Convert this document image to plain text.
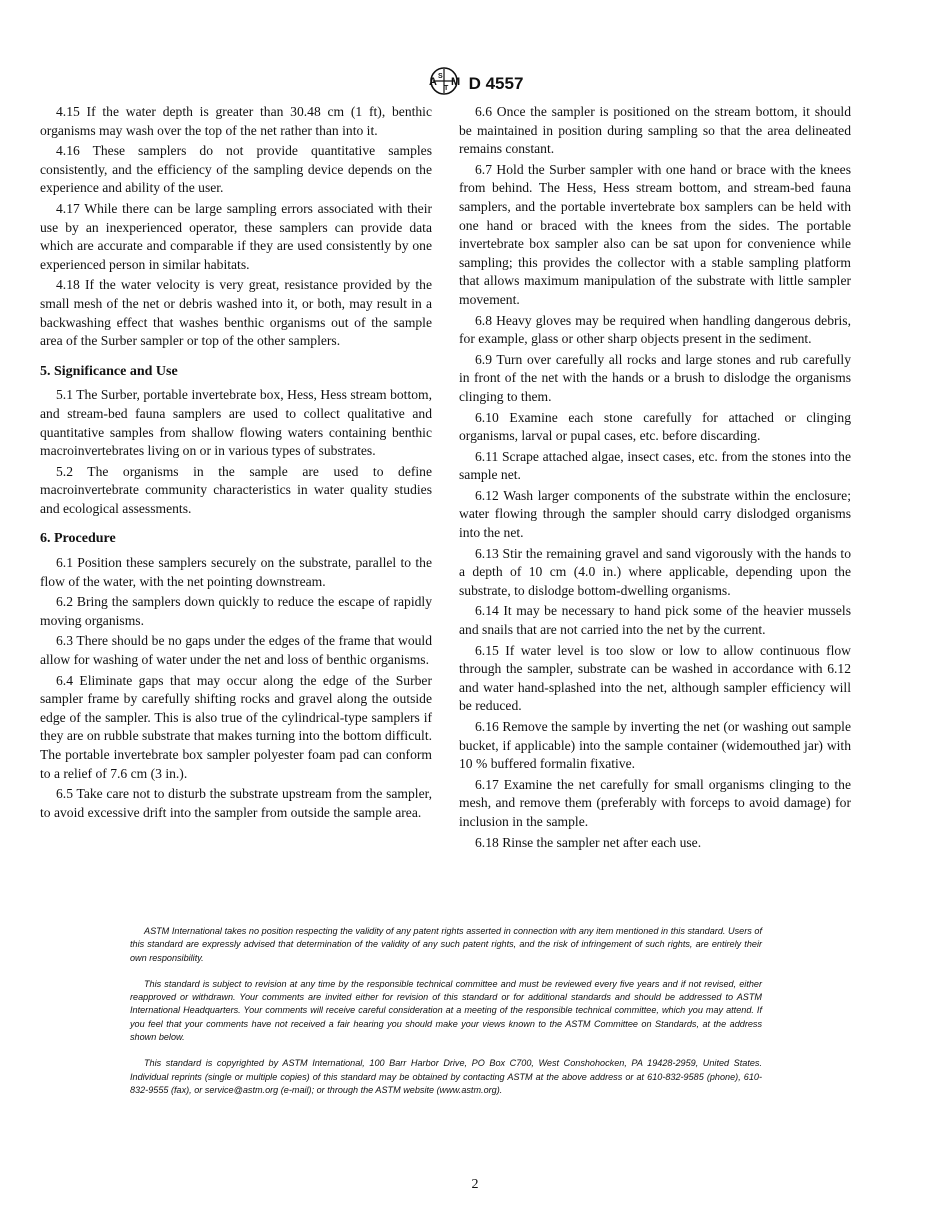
A S
T
M D 4557

4.15 If the water depth is greater than 30.48 cm (1 ft), benthic organisms may wash over the top of the net rather than into it.

4.16 These samplers do not provide quantitative samples consistently, and the efficiency of the sampling device depends on the experience and ability of the user.

4.17 While there can be large sampling errors associated with their use by an inexperienced operator, these samplers can provide data which are accurate and comparable if they are used consistently by one experienced person in similar habitats.

4.18 If the water velocity is very great, resistance provided by the small mesh of the net or debris washed into it, or both, may result in a backwashing effect that washes benthic organisms out of the sample area of the Surber sampler or top of the other samplers.

5. Significance and Use

5.1 The Surber, portable invertebrate box, Hess, Hess stream bottom, and stream-bed fauna samplers are used to collect qualitative and quantitative samples from shallow flowing waters containing benthic macroinvertebrates living on or in various types of substrates.

5.2 The organisms in the sample are used to define macroinvertebrate community characteristics in water quality studies and ecological assessments.

6. Procedure

6.1 Position these samplers securely on the substrate, parallel to the flow of the water, with the net pointing downstream.

6.2 Bring the samplers down quickly to reduce the escape of rapidly moving organisms.

6.3 There should be no gaps under the edges of the frame that would allow for washing of water under the net and loss of benthic organisms.

6.4 Eliminate gaps that may occur along the edge of the Surber sampler frame by carefully shifting rocks and gravel along the outside edge of the sampler. This is also true of the cylindrical-type samplers if they are on rubble substrate that makes turning into the bottom difficult. The portable invertebrate box sampler polyester foam pad can conform to a relief of 7.6 cm (3 in.).

6.5 Take care not to disturb the substrate upstream from the sampler, to avoid excessive drift into the sampler from outside the sample area.

6.6 Once the sampler is positioned on the stream bottom, it should be maintained in position during sampling so that the area delineated remains constant.

6.7 Hold the Surber sampler with one hand or brace with the knees from behind. The Hess, Hess stream bottom, and stream-bed fauna samplers, and the portable invertebrate box samplers can be held with one hand or braced with the knees from the sides. The portable invertebrate box sampler also can be sat upon for convenience while sampling; this provides the collector with a stable sampling platform that allows maximum manipulation of the substrate with little sampler movement.

6.8 Heavy gloves may be required when handling dangerous debris, for example, glass or other sharp objects present in the sediment.

6.9 Turn over carefully all rocks and large stones and rub carefully in front of the net with the hands or a brush to dislodge the organisms clinging to them.

6.10 Examine each stone carefully for attached or clinging organisms, larval or pupal cases, etc. before discarding.

6.11 Scrape attached algae, insect cases, etc. from the stones into the sample net.

6.12 Wash larger components of the substrate within the enclosure; water flowing through the sampler should carry dislodged organisms into the net.

6.13 Stir the remaining gravel and sand vigorously with the hands to a depth of 10 cm (4.0 in.) where applicable, depending upon the substrate, to dislodge bottom-dwelling organisms.

6.14 It may be necessary to hand pick some of the heavier mussels and snails that are not carried into the net by the current.

6.15 If water level is too slow or low to allow continuous flow through the sampler, substrate can be washed in accordance with 6.12 and water hand-splashed into the net, although sampler efficiency will be reduced.

6.16 Remove the sample by inverting the net (or washing out sample bucket, if applicable) into the sample container (widemouthed jar) with 10 % buffered formalin fixative.

6.17 Examine the net carefully for small organisms clinging to the mesh, and remove them (preferably with forceps to avoid damage) for inclusion in the sample.

6.18 Rinse the sampler net after each use.

ASTM International takes no position respecting the validity of any patent rights asserted in connection with any item mentioned in this standard. Users of this standard are expressly advised that determination of the validity of any such patent rights, and the risk of infringement of such rights, are entirely their own responsibility.

This standard is subject to revision at any time by the responsible technical committee and must be reviewed every five years and if not revised, either reapproved or withdrawn. Your comments are invited either for revision of this standard or for additional standards and should be addressed to ASTM International Headquarters. Your comments will receive careful consideration at a meeting of the responsible technical committee, which you may attend. If you feel that your comments have not received a fair hearing you should make your views known to the ASTM Committee on Standards, at the address shown below.

This standard is copyrighted by ASTM International, 100 Barr Harbor Drive, PO Box C700, West Conshohocken, PA 19428-2959, United States. Individual reprints (single or multiple copies) of this standard may be obtained by contacting ASTM at the above address or at 610-832-9585 (phone), 610-832-9555 (fax), or service@astm.org (e-mail); or through the ASTM website (www.astm.org).

2
